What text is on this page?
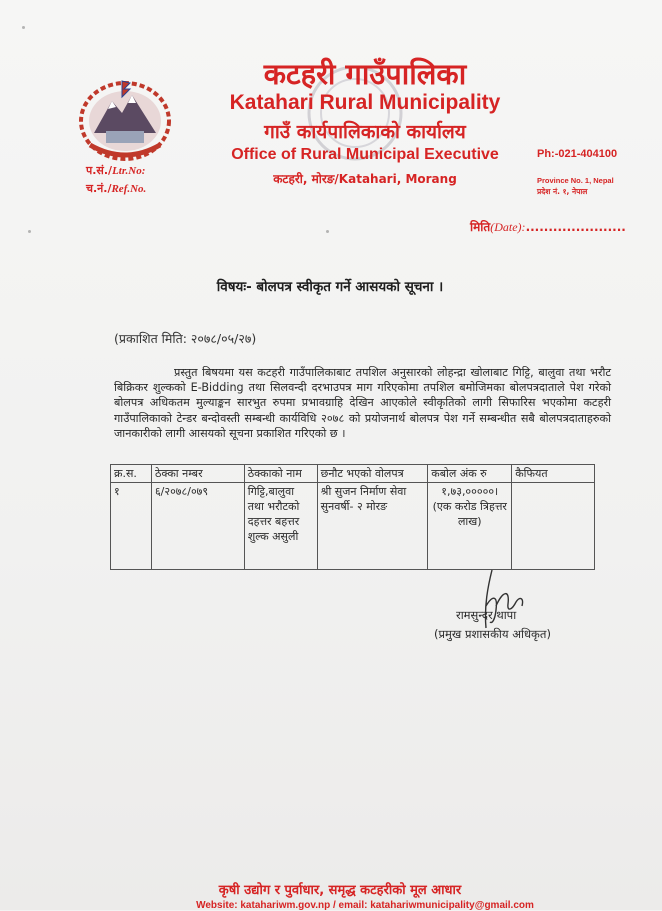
कटहरी गाउँपालिका
Katahari Rural Municipality
गाउँ कार्यपालिकाको कार्यालय
Office of Rural Municipal Executive
कटहरी, मोरङ/Katahari, Morang
Ph:-021-404100
Province No. 1, Nepal
प्रदेश नं. १, नेपाल
प.सं./Ltr.No:
च.नं./Ref.No.
मिति(Date):......................
विषयः- बोलपत्र स्वीकृत गर्ने आसयको सूचना ।
(प्रकाशित मिति: २०७८/०५/२७)
प्रस्तुत बिषयमा यस कटहरी गाउँपालिकाबाट तपशिल अनुसारको लोहन्द्रा खोलाबाट गिट्टि, बालुवा तथा भरौट बिक्रिकर शुल्कको E-Bidding तथा सिलवन्दी दरभाउपत्र माग गरिएकोमा तपशिल बमोजिमका बोलपत्रदाताले पेश गरेको बोलपत्र अधिकतम मुल्याङ्कन सारभुत रुपमा प्रभावग्राहि देखिन आएकोले स्वीकृतिको लागी सिफारिस भएकोमा कटहरी गाउँपालिकाको टेन्डर बन्दोवस्ती सम्बन्धी कार्यविधि २०७८ को प्रयोजनार्थ बोलपत्र पेश गर्ने सम्बन्धीत सबै बोलपत्रदाताहरुको जानकारीको लागी आसयको सूचना प्रकाशित गरिएको छ ।
क्र.स.	ठेक्का नम्बर	ठेक्काको नाम	छनौट भएको वोलपत्र	कबोल अंक रु	कैफियत
१	६/२०७८/०७९	गिट्टि,बालुवा तथा भरौटको दहत्तर बहत्तर शुल्क असुली	श्री सुजन निर्माण सेवा सुनवर्षी- २ मोरङ	१,७३,०००००। (एक करोड त्रिहत्तर लाख)	
रामसुन्दर थापा
(प्रमुख प्रशासकीय अधिकृत)
कृषी उद्योग र पुर्वाधार, समृद्ध कटहरीको मूल आधार
Website: katahariwm.gov.np / email: katahariwmunicipality@gmail.com
